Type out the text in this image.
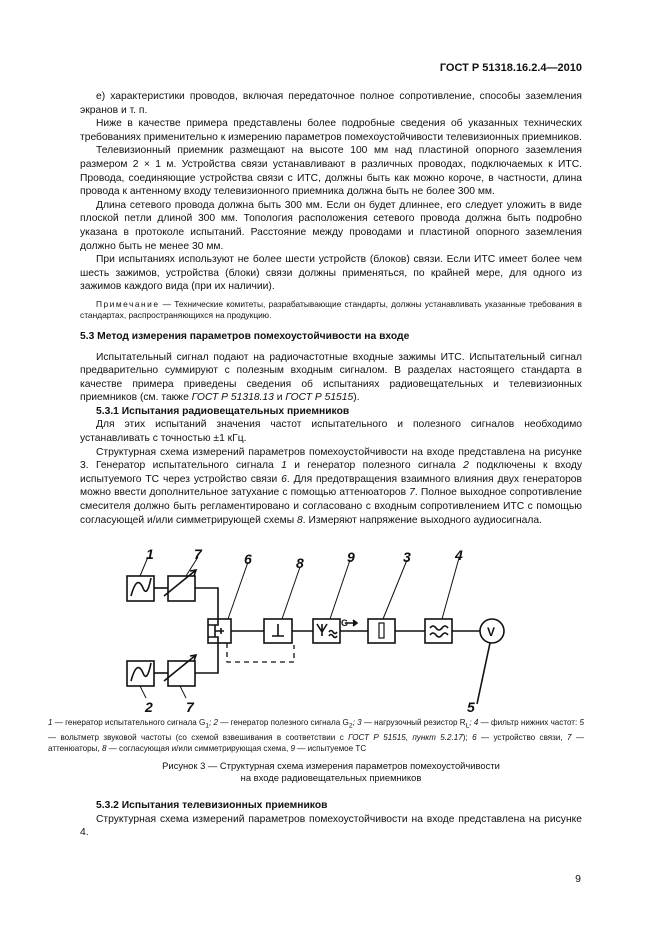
ГОСТ Р 51318.16.2.4—2010

е) характеристики проводов, включая передаточное полное сопротивление, способы заземления экранов и т. п.

Ниже в качестве примера представлены более подробные сведения об указанных технических требованиях применительно к измерению параметров помехоустойчивости телевизионных приемников.

Телевизионный приемник размещают на высоте 100 мм над пластиной опорного заземления размером 2 × 1 м. Устройства связи устанавливают в различных проводах, подключаемых к ИТС. Провода, соединяющие устройства связи с ИТС, должны быть как можно короче, в частности, длина провода к антенному входу телевизионного приемника должна быть не более 300 мм.

Длина сетевого провода должна быть 300 мм. Если он будет длиннее, его следует уложить в виде плоской петли длиной 300 мм. Топология расположения сетевого провода должна быть подробно указана в протоколе испытаний. Расстояние между проводами и пластиной опорного заземления должно быть не менее 30 мм.

При испытаниях используют не более шести устройств (блоков) связи. Если ИТС имеет более чем шесть зажимов, устройства (блоки) связи должны применяться, по крайней мере, для одного из зажимов каждого вида (при их наличии).

Примечание — Технические комитеты, разрабатывающие стандарты, должны устанавливать указанные требования в стандартах, распространяющихся на продукцию.

5.3 Метод измерения параметров помехоустойчивости на входе

Испытательный сигнал подают на радиочастотные входные зажимы ИТС. Испытательный сигнал предварительно суммируют с полезным входным сигналом. В разделах настоящего стандарта в качестве примера приведены сведения об испытаниях радиовещательных и телевизионных приемников (см. также ГОСТ Р 51318.13 и ГОСТ Р 51515).

5.3.1 Испытания радиовещательных приемников

Для этих испытаний значения частот испытательного и полезного сигналов необходимо устанавливать с точностью ±1 кГц.

Структурная схема измерений параметров помехоустойчивости на входе представлена на рисунке 3. Генератор испытательного сигнала 1 и генератор полезного сигнала 2 подключены к входу испытуемого ТС через устройство связи 6. Для предотвращения взаимного влияния двух генераторов можно ввести дополнительное затухание с помощью аттенюаторов 7. Полное выходное сопротивление смесителя должно быть регламентировано и согласовано с входным сопротивлением ИТС с помощью согласующей и/или симметрирующей схемы 8. Измеряют напряжение выходного аудиосигнала.

1	7	6	8	9	3	4
2 7	5
V
G
1 — генератор испытательного сигнала $G_1$; 2 — генератор полезного сигнала $G_2$; 3 — нагрузочный резистор $R_L$; 4 — фильтр нижних частот: 5 — вольтметр звуковой частоты (со схемой взвешивания в соответствии с ГОСТ Р 51515, пункт 5.2.17); 6 — устройство связи, 7 — аттенюаторы, 8 — согласующая и/или симметрирующая схема, 9 — испытуемое ТС
Рисунок 3 — Структурная схема измерения параметров помехоустойчивости
на входе радиовещательных приемников

5.3.2 Испытания телевизионных приемников

Структурная схема измерений параметров помехоустойчивости на входе представлена на рисунке 4.

9
